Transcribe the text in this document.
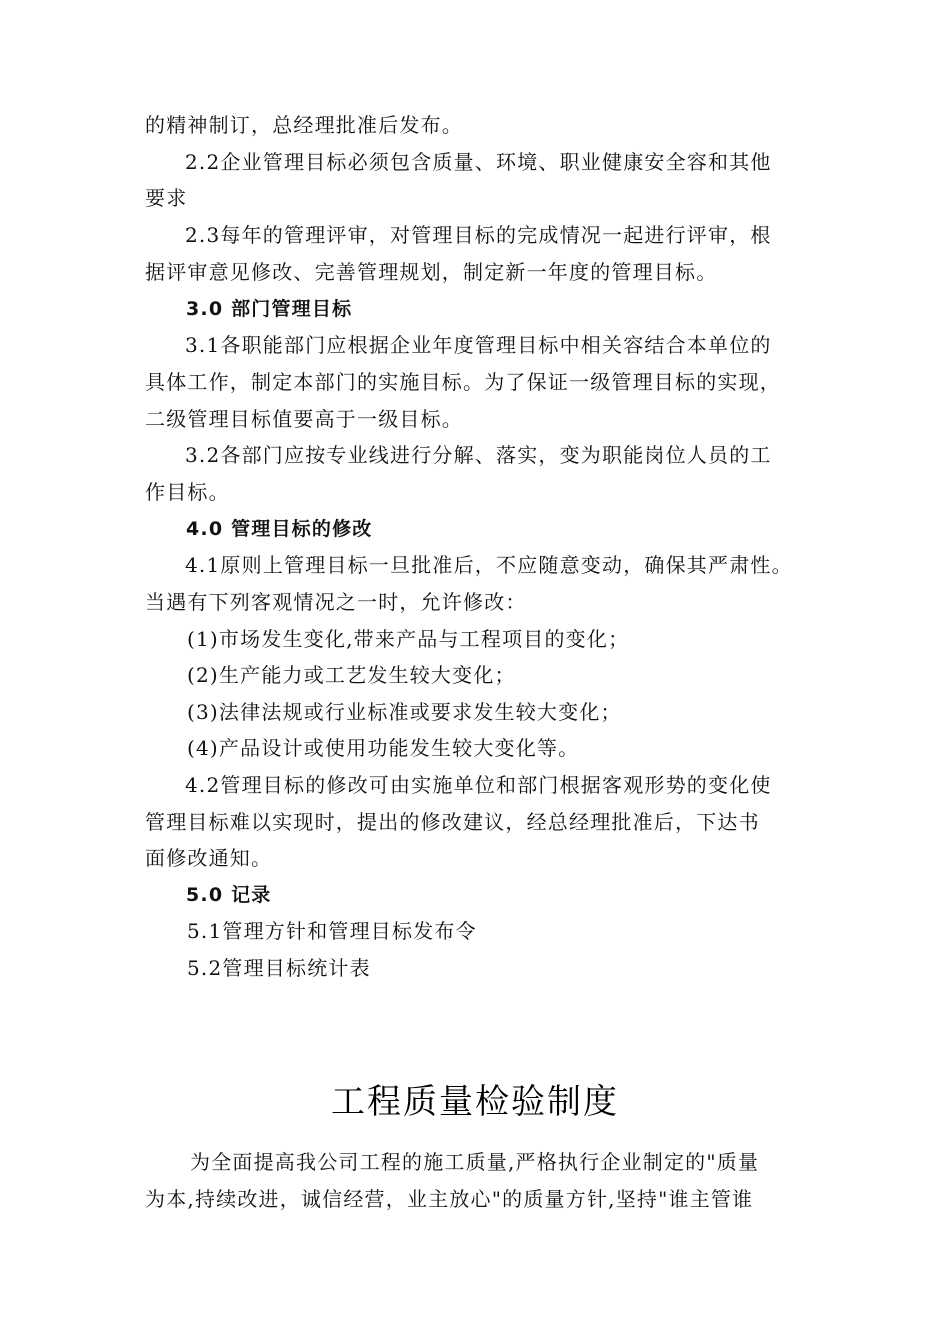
的精神制订，总经理批准后发布。
2.2企业管理目标必须包含质量、环境、职业健康安全容和其他
要求
2.3每年的管理评审，对管理目标的完成情况一起进行评审，根
据评审意见修改、完善管理规划，制定新一年度的管理目标。
3.0 部门管理目标
3.1各职能部门应根据企业年度管理目标中相关容结合本单位的
具体工作，制定本部门的实施目标。为了保证一级管理目标的实现，
二级管理目标值要高于一级目标。
3.2各部门应按专业线进行分解、落实，变为职能岗位人员的工
作目标。
4.0 管理目标的修改
4.1原则上管理目标一旦批准后，不应随意变动，确保其严肃性。
当遇有下列客观情况之一时，允许修改：
(1)市场发生变化,带来产品与工程项目的变化；
(2)生产能力或工艺发生较大变化；
(3)法律法规或行业标准或要求发生较大变化；
(4)产品设计或使用功能发生较大变化等。
4.2管理目标的修改可由实施单位和部门根据客观形势的变化使
管理目标难以实现时，提出的修改建议，经总经理批准后，下达书
面修改通知。
5.0 记录
5.1管理方针和管理目标发布令
5.2管理目标统计表
工程质量检验制度
为全面提高我公司工程的施工质量,严格执行企业制定的"质量
为本,持续改进，诚信经营，业主放心"的质量方针,坚持"谁主管谁
